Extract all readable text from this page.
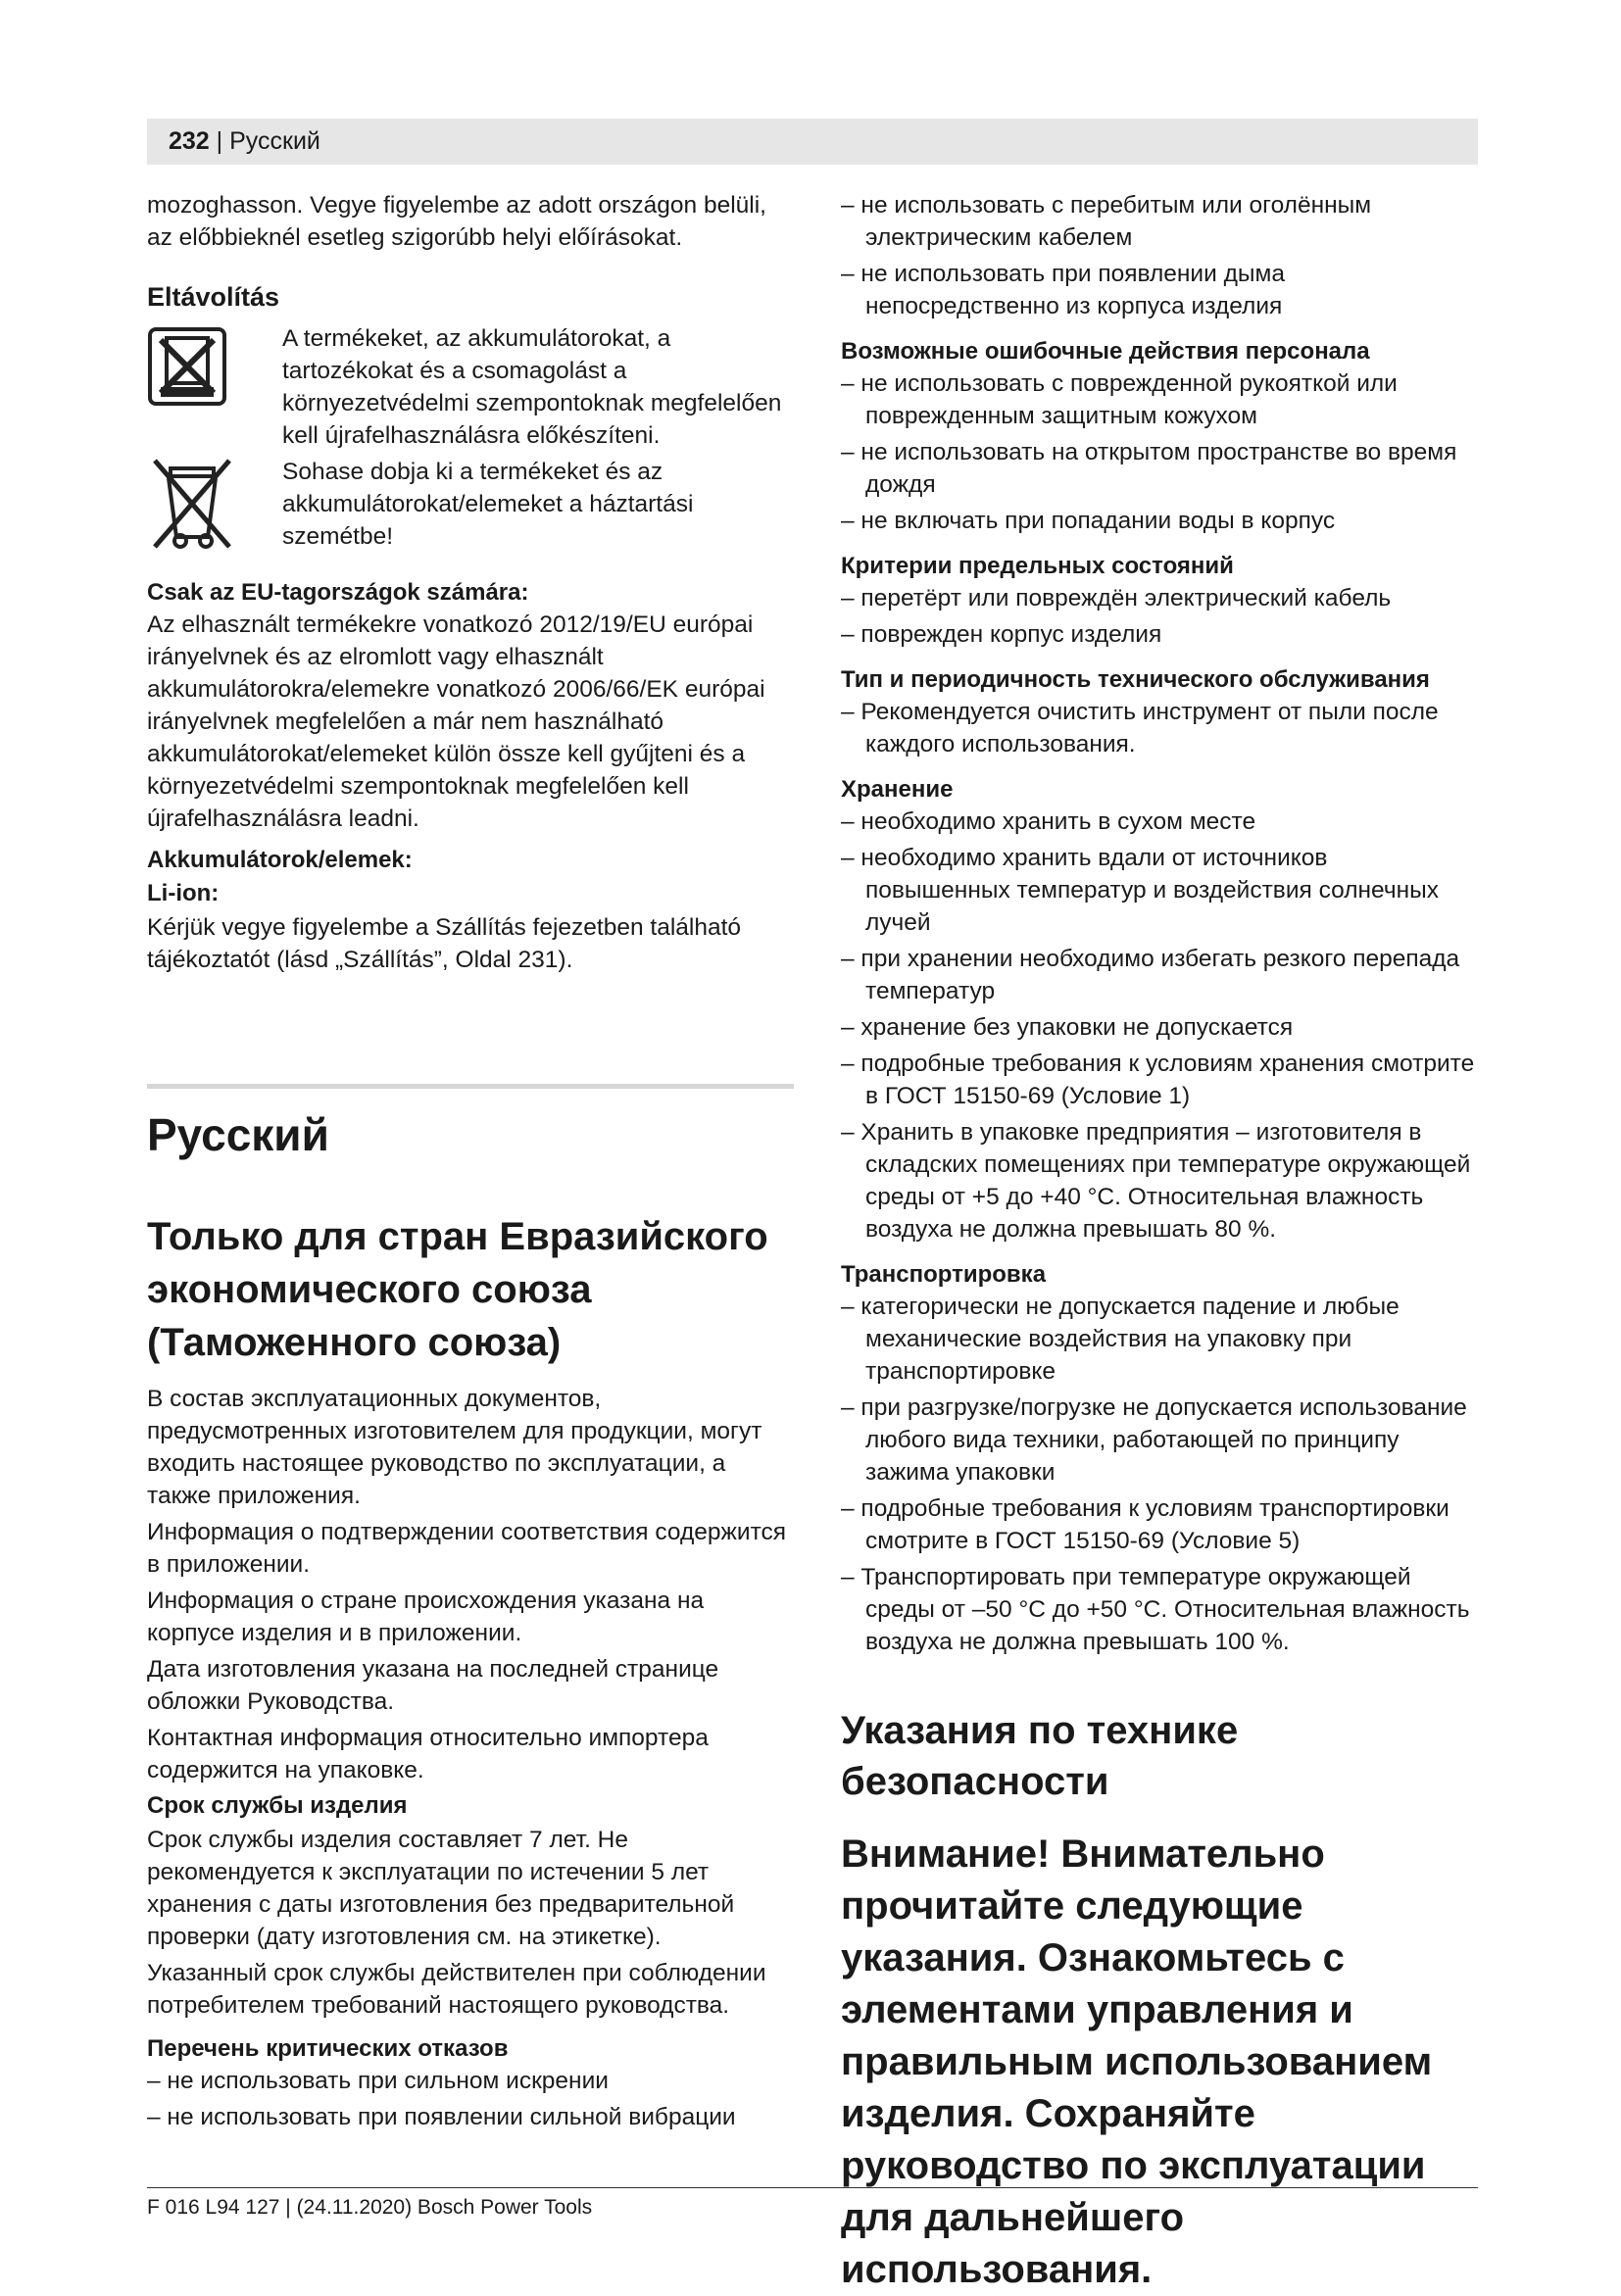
232 | Русский

mozoghasson. Vegye figyelembe az adott országon belüli, az előbbieknél esetleg szigorúbb helyi előírásokat.

Eltávolítás

A termékeket, az akkumulátorokat, a tartozékokat és a csomagolást a környezetvédelmi szempontoknak megfelelően kell újrafelhasználásra előkészíteni.

Sohase dobja ki a termékeket és az akkumulátorokat/elemeket a háztartási szemétbe!

Csak az EU-tagországok számára:

Az elhasznált termékekre vonatkozó 2012/19/EU európai irányelvnek és az elromlott vagy elhasznált akkumulátorokra/elemekre vonatkozó 2006/66/EK európai irányelvnek megfelelően a már nem használható akkumulátorokat/elemeket külön össze kell gyűjteni és a környezetvédelmi szempontoknak megfelelően kell újrafelhasználásra leadni.

Akkumulátorok/elemek:
Li-ion:

Kérjük vegye figyelembe a Szállítás fejezetben található tájékoztatót (lásd „Szállítás”, Oldal 231).

Русский
Только для стран Евразийского экономического союза (Таможенного союза)

В состав эксплуатационных документов, предусмотренных изготовителем для продукции, могут входить настоящее руководство по эксплуатации, а также приложения.

Информация о подтверждении соответствия содержится в приложении.

Информация о стране происхождения указана на корпусе изделия и в приложении.

Дата изготовления указана на последней странице обложки Руководства.

Контактная информация относительно импортера содержится на упаковке.

Срок службы изделия

Срок службы изделия составляет 7 лет. Не рекомендуется к эксплуатации по истечении 5 лет хранения с даты изготовления без предварительной проверки (дату изготовления см. на этикетке).

Указанный срок службы действителен при соблюдении потребителем требований настоящего руководства.

Перечень критических отказов

– не использовать при сильном искрении

– не использовать при появлении сильной вибрации

– не использовать с перебитым или оголённым электрическим кабелем

– не использовать при появлении дыма непосредственно из корпуса изделия

Возможные ошибочные действия персонала

– не использовать с поврежденной рукояткой или поврежденным защитным кожухом

– не использовать на открытом пространстве во время дождя

– не включать при попадании воды в корпус

Критерии предельных состояний

– перетёрт или повреждён электрический кабель

– поврежден корпус изделия

Тип и периодичность технического обслуживания

– Рекомендуется очистить инструмент от пыли после каждого использования.

Хранение

– необходимо хранить в сухом месте

– необходимо хранить вдали от источников повышенных температур и воздействия солнечных лучей

– при хранении необходимо избегать резкого перепада температур

– хранение без упаковки не допускается

– подробные требования к условиям хранения смотрите в ГОСТ 15150-69 (Условие 1)

– Хранить в упаковке предприятия – изготовителя в складских помещениях при температуре окружающей среды от +5 до +40 °C. Относительная влажность воздуха не должна превышать 80 %.

Транспортировка

– категорически не допускается падение и любые механические воздействия на упаковку при транспортировке

– при разгрузке/погрузке не допускается использование любого вида техники, работающей по принципу зажима упаковки

– подробные требования к условиям транспортировки смотрите в ГОСТ 15150-69 (Условие 5)

– Транспортировать при температуре окружающей среды от –50 °C до +50 °C. Относительная влажность воздуха не должна превышать 100 %.

Указания по технике безопасности
Внимание! Внимательно прочитайте следующие указания. Ознакомьтесь с элементами управления и правильным использованием изделия. Сохраняйте руководство по эксплуатации для дальнейшего использования.
F 016 L94 127 | (24.11.2020) Bosch Power Tools
